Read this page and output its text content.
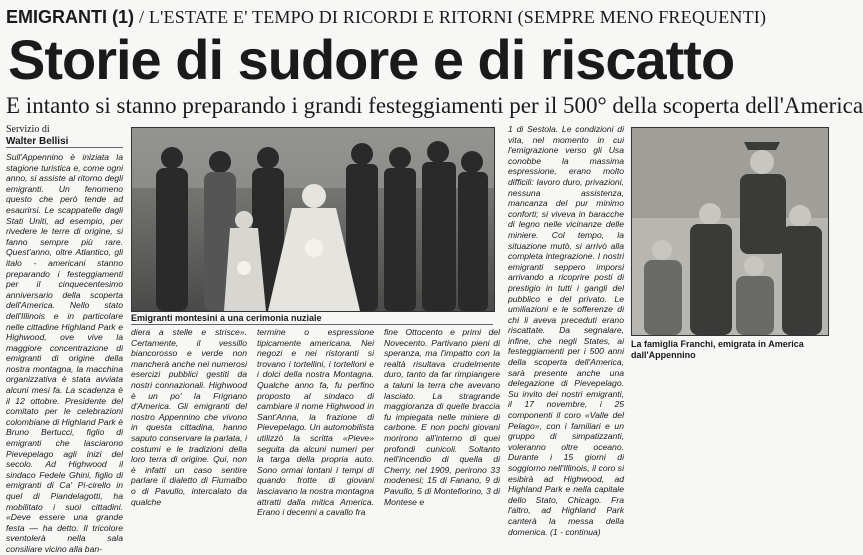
EMIGRANTI (1) / L'ESTATE E' TEMPO DI RICORDI E RITORNI (SEMPRE MENO FREQUENTI)
Storie di sudore e di riscatto
E intanto si stanno preparando i grandi festeggiamenti per il 500° della scoperta dell'America
Servizio di
Walter Bellisi

Sull'Appennino è iniziata la stagione turistica e, come ogni anno, si assiste al ritorno degli emigranti. Un fenomeno questo che però tende ad esaurirsi. Le scappatelle dagli Stati Uniti, ad esempio, per rivedere le terre di origine, si fanno sempre più rare. Quest'anno, oltre Atlantico, gli italo - americani stanno preparando i festeggiamenti per il cinquecentesimo anniversario della scoperta dell'America. Nello stato dell'Illinois e in particolare nelle cittadine Highland Park e Highwood, ove vive la maggiore concentrazione di emigranti di origine della nostra montagna, la macchina organizzativa è stata avviata alcuni mesi fa. La scadenza è il 12 ottobre. Presidente del comitato per le celebrazioni colombiane di Highland Park è Bruno Bertucci, figlio di emigranti che lasciarono Pievepelago agli inizi del secolo. Ad Highwood il sindaco Fedele Ghini, figlio di emigranti di Ca' Pi-cirello in quel di Piandelagotti, ha mobilitato i suoi cittadini. «Deve essere una grande festa — ha detto. Il tricolore sventolerà nella sala consiliare vicino alla ban-

Emigranti montesini a una cerimonia nuziale

diera a stelle e strisce». Certamente, il vessillo biancorosso e verde non mancherà anche nei numerosi esercizi pubblici gestiti da nostri connazionali. Highwood è un po' la Frignano d'America. Gli emigranti del nostro Appennino che vivono in questa cittadina, hanno saputo conservare la parlata, i costumi e le tradizioni della loro terra di origine. Qui, non è infatti un caso sentire parlare il dialetto di Fiumalbo o di Pavullo, intercalato da qualche

termine o espressione tipicamente americana. Nei negozi e nei ristoranti si trovano i tortellini, i tortelloni e i dolci della nostra Montagna. Qualche anno fa, fu perfino proposto al sindaco di cambiare il nome Highwood in Sant'Anna, la frazione di Pievepelago. Un automobilista utilizzò la scritta «Pieve» seguita da alcuni numeri per la targa della propria auto. Sono ormai lontani i tempi di quando frotte di giovani lasciavano la nostra montagna attratti dalla mitica America. Erano i decenni a cavallo fra

fine Ottocento e primi del Novecento. Partivano pieni di speranza, ma l'impatto con la realtà risultava crudelmente duro, tanto da far rimpiangere a taluni la terra che avevano lasciato. La stragrande maggioranza di quelle braccia fu impiegata nelle miniere di carbone. E non pochi giovani morirono all'interno di quei profondi cunicoli. Soltanto nell'incendio di quella di Cherry, nel 1909, perirono 33 modenesi; 15 di Fanano, 9 di Pavullo, 5 di Montefiorino, 3 di Montese e

1 di Sestola. Le condizioni di vita, nel momento in cui l'emigrazione verso gli Usa conobbe la massima espressione, erano molto difficili: lavoro duro, privazioni, nessuna assistenza, mancanza del pur minimo conforti; si viveva in baracche di legno nelle vicinanze delle miniere. Col tempo, la situazione mutò, si arrivò alla completa integrazione. I nostri emigranti seppero imporsi arrivando a ricoprire posti di prestigio in tutti i gangli del pubblico e del privato. Le umiliazioni e le sofferenze di chi li aveva preceduti erano riscattate. Da segnalare, infine, che negli States, ai festeggiamenti per i 500 anni della scoperta dell'America, sarà presente anche una delegazione di Pievepelago. Su invito dei nostri emigranti, il 17 novembre, i 25 componenti il coro «Valle del Pelago», con i familiari e un gruppo di simpatizzanti, voleranno oltre oceano. Durante i 15 giorni di soggiorno nell'Illinois, il coro si esibirà ad Highwood, ad Highland Park e nella capitale dello Stato, Chicago. Fra l'altro, ad Highland Park canterà la messa della domenica. (1 - continua)

La famiglia Franchi, emigrata in America dall'Appennino
